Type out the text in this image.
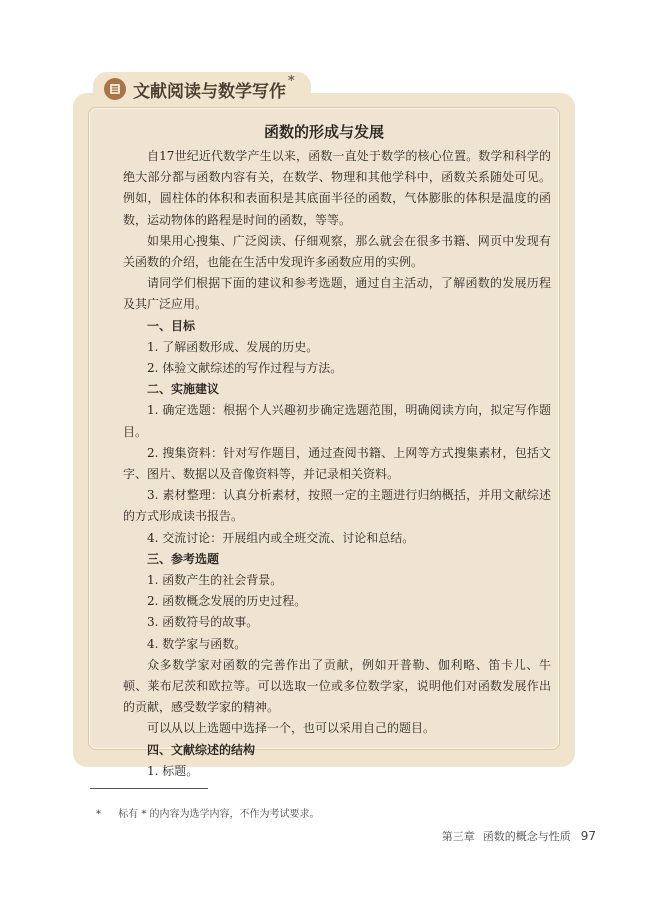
文献阅读与数学写作
*
函数的形成与发展

自17世纪近代数学产生以来，函数一直处于数学的核心位置。数学和科学的绝大部分都与函数内容有关，在数学、物理和其他学科中，函数关系随处可见。例如，圆柱体的体积和表面积是其底面半径的函数，气体膨胀的体积是温度的函数，运动物体的路程是时间的函数，等等。

如果用心搜集、广泛阅读、仔细观察，那么就会在很多书籍、网页中发现有关函数的介绍，也能在生活中发现许多函数应用的实例。

请同学们根据下面的建议和参考选题，通过自主活动，了解函数的发展历程及其广泛应用。

一、目标

1. 了解函数形成、发展的历史。

2. 体验文献综述的写作过程与方法。

二、实施建议

1. 确定选题：根据个人兴趣初步确定选题范围，明确阅读方向，拟定写作题目。

2. 搜集资料：针对写作题目，通过查阅书籍、上网等方式搜集素材，包括文字、图片、数据以及音像资料等，并记录相关资料。

3. 素材整理：认真分析素材，按照一定的主题进行归纳概括，并用文献综述的方式形成读书报告。

4. 交流讨论：开展组内或全班交流、讨论和总结。

三、参考选题

1. 函数产生的社会背景。

2. 函数概念发展的历史过程。

3. 函数符号的故事。

4. 数学家与函数。

众多数学家对函数的完善作出了贡献，例如开普勒、伽利略、笛卡儿、牛顿、莱布尼茨和欧拉等。可以选取一位或多位数学家，说明他们对函数发展作出的贡献，感受数学家的精神。

可以从以上选题中选择一个，也可以采用自己的题目。

四、文献综述的结构

1. 标题。

* 标有 * 的内容为选学内容，不作为考试要求。
第三章 函数的概念与性质 97
